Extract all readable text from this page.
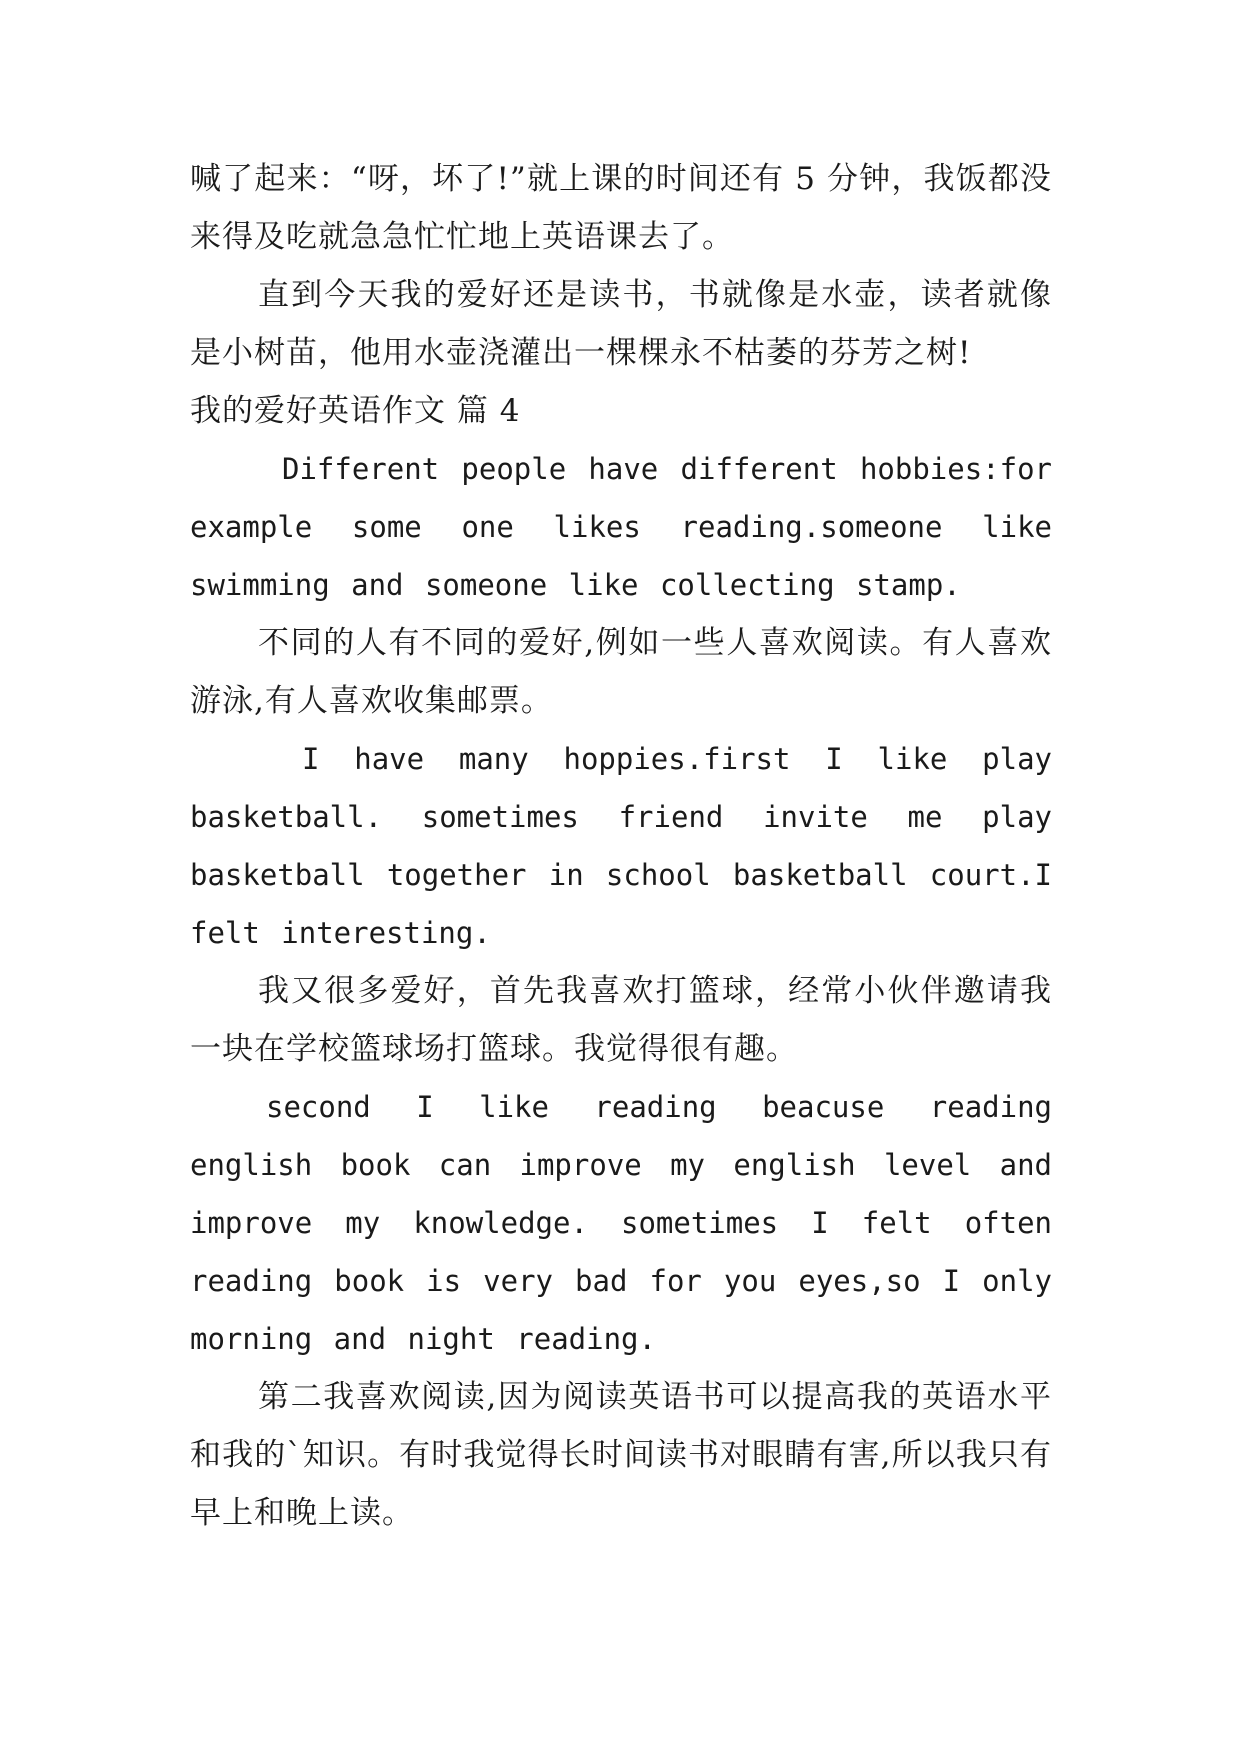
喊了起来：“呀，坏了!”就上课的时间还有 5 分钟，我饭都没来得及吃就急急忙忙地上英语课去了。

直到今天我的爱好还是读书，书就像是水壶，读者就像是小树苗，他用水壶浇灌出一棵棵永不枯萎的芬芳之树!

我的爱好英语作文 篇 4

Different people have different hobbies:for example some one likes reading.someone like swimming and someone like collecting stamp.

不同的人有不同的爱好,例如一些人喜欢阅读。有人喜欢游泳,有人喜欢收集邮票。

I have many hoppies.first I like play basketball. sometimes friend invite me play basketball together in school basketball court.I felt interesting.

我又很多爱好，首先我喜欢打篮球，经常小伙伴邀请我一块在学校篮球场打篮球。我觉得很有趣。

second I like reading beacuse reading english book can improve my english level and improve my knowledge. sometimes I felt often reading book is very bad for you eyes,so I only morning and night reading.

第二我喜欢阅读,因为阅读英语书可以提高我的英语水平和我的`知识。有时我觉得长时间读书对眼睛有害,所以我只有早上和晚上读。
